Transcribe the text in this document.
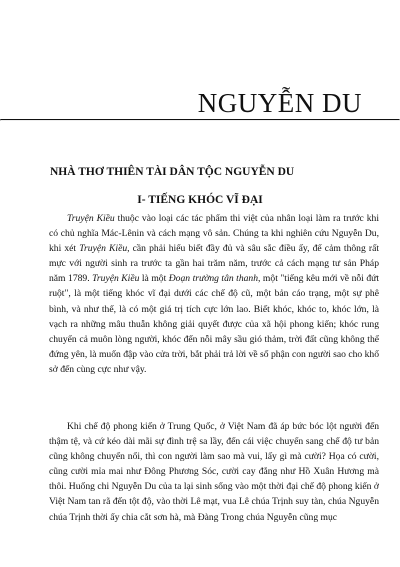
NGUYỄN DU
NHÀ THƠ THIÊN TÀI DÂN TỘC NGUYỄN DU
I- TIẾNG KHÓC VĨ ĐẠI

Truyện Kiều thuộc vào loại các tác phẩm thi việt của nhân loại làm ra trước khi có chủ nghĩa Mác-Lênin và cách mạng vô sản. Chúng ta khi nghiên cứu Nguyễn Du, khi xét Truyện Kiều, cần phải hiểu biết đầy đủ và sâu sắc điều ấy, để cảm thông rất mực với người sinh ra trước ta gần hai trăm năm, trước cả cách mạng tư sản Pháp năm 1789. Truyện Kiều là một Đoạn trường tân thanh, một "tiếng kêu mới về nỗi đứt ruột", là một tiếng khóc vĩ đại dưới các chế độ cũ, một bản cáo trạng, một sự phê bình, và như thế, là có một giá trị tích cực lớn lao. Biết khóc, khóc to, khóc lớn, là vạch ra những mâu thuẫn không giải quyết được của xã hội phong kiến; khóc rung chuyển cả muôn lòng người, khóc đến nỗi mây sầu gió thảm, trời đất cũng không thể đứng yên, là muốn đập vào cửa trời, bắt phải trả lời về số phận con người sao cho khổ sở đến cùng cực như vậy.

Khi chế độ phong kiến ở Trung Quốc, ở Việt Nam đã áp bức bóc lột người đến thậm tệ, và cứ kéo dài mãi sự đình trệ sa lầy, đến cái việc chuyển sang chế độ tư bản cũng không chuyển nổi, thì con người làm sao mà vui, lấy gì mà cười? Họa có cười, cũng cười mỉa mai như Đông Phương Sóc, cười cay đắng như Hồ Xuân Hương mà thôi. Huống chi Nguyễn Du của ta lại sinh sống vào một thời đại chế độ phong kiến ở Việt Nam tan rã đến tột độ, vào thời Lê mạt, vua Lê chúa Trịnh suy tàn, chúa Nguyễn chúa Trịnh thời ấy chia cắt sơn hà, mà Đàng Trong chúa Nguyễn cũng mục
